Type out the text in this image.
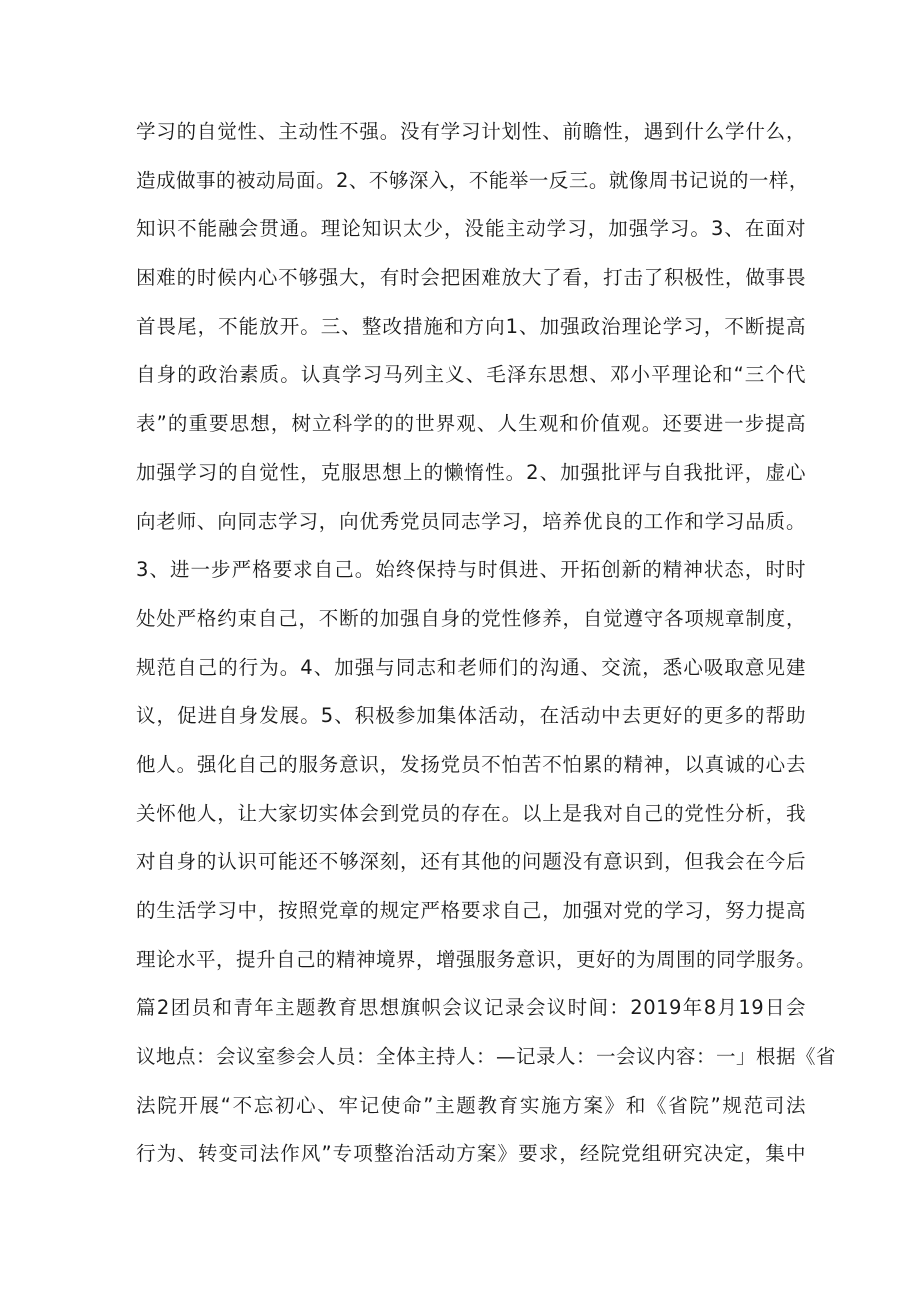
学习的自觉性、主动性不强。没有学习计划性、前瞻性，遇到什么学什么，
造成做事的被动局面。2、不够深入，不能举一反三。就像周书记说的一样，
知识不能融会贯通。理论知识太少，没能主动学习，加强学习。3、在面对
困难的时候内心不够强大，有时会把困难放大了看，打击了积极性，做事畏
首畏尾，不能放开。三、整改措施和方向1、加强政治理论学习，不断提高
自身的政治素质。认真学习马列主义、毛泽东思想、邓小平理论和“三个代
表”的重要思想，树立科学的的世界观、人生观和价值观。还要进一步提高
加强学习的自觉性，克服思想上的懒惰性。2、加强批评与自我批评，虚心
向老师、向同志学习，向优秀党员同志学习，培养优良的工作和学习品质。
3、进一步严格要求自己。始终保持与时俱进、开拓创新的精神状态，时时
处处严格约束自己，不断的加强自身的党性修养，自觉遵守各项规章制度，
规范自己的行为。4、加强与同志和老师们的沟通、交流，悉心吸取意见建
议，促进自身发展。5、积极参加集体活动，在活动中去更好的更多的帮助
他人。强化自己的服务意识，发扬党员不怕苦不怕累的精神，以真诚的心去
关怀他人，让大家切实体会到党员的存在。以上是我对自己的党性分析，我
对自身的认识可能还不够深刻，还有其他的问题没有意识到，但我会在今后
的生活学习中，按照党章的规定严格要求自己，加强对党的学习，努力提高
理论水平，提升自己的精神境界，增强服务意识，更好的为周围的同学服务。
篇2团员和青年主题教育思想旗帜会议记录会议时间：2019年8月19日会
议地点：会议室参会人员：全体主持人：—记录人：一会议内容：一」根据《省
法院开展“不忘初心、牢记使命”主题教育实施方案》和《省院”规范司法
行为、转变司法作风”专项整治活动方案》要求，经院党组研究决定，集中
